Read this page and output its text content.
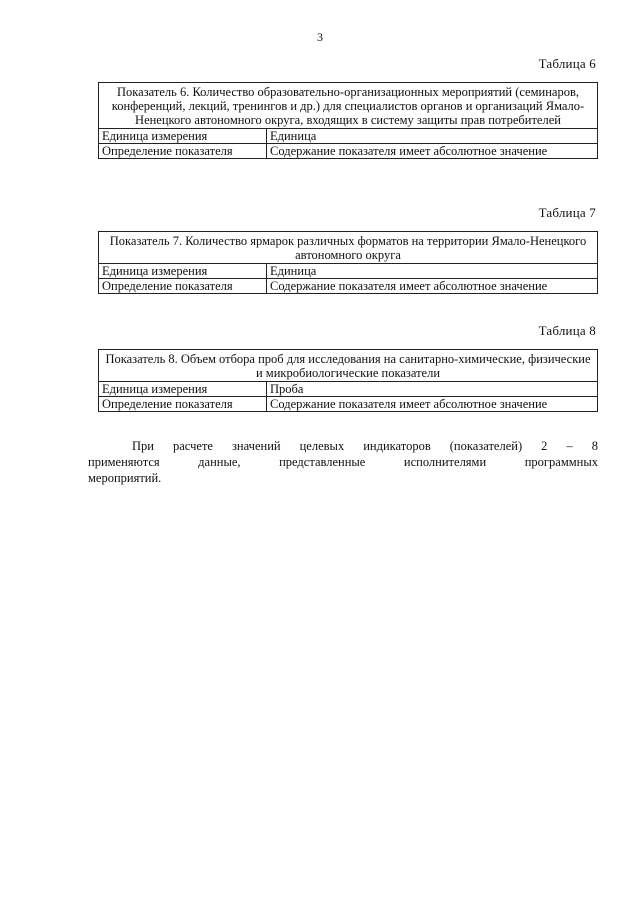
3
Таблица 6
Показатель 6. Количество образовательно-организационных мероприятий (семинаров, конференций, лекций, тренингов и др.) для специалистов органов и организаций Ямало-Ненецкого автономного округа, входящих в систему защиты прав потребителей	
Единица измерения	Единица
Определение показателя	Содержание показателя имеет абсолютное значение
Таблица 7
Показатель 7. Количество ярмарок различных форматов на территории Ямало-Ненецкого автономного округа	
Единица измерения	Единица
Определение показателя	Содержание показателя имеет абсолютное значение
Таблица 8
Показатель 8. Объем отбора проб для исследования на санитарно-химические, физические и микробиологические показатели	
Единица измерения	Проба
Определение показателя	Содержание показателя имеет абсолютное значение
При расчете значений целевых индикаторов (показателей) 2 – 8
применяются данные, представленные исполнителями программных
мероприятий.
